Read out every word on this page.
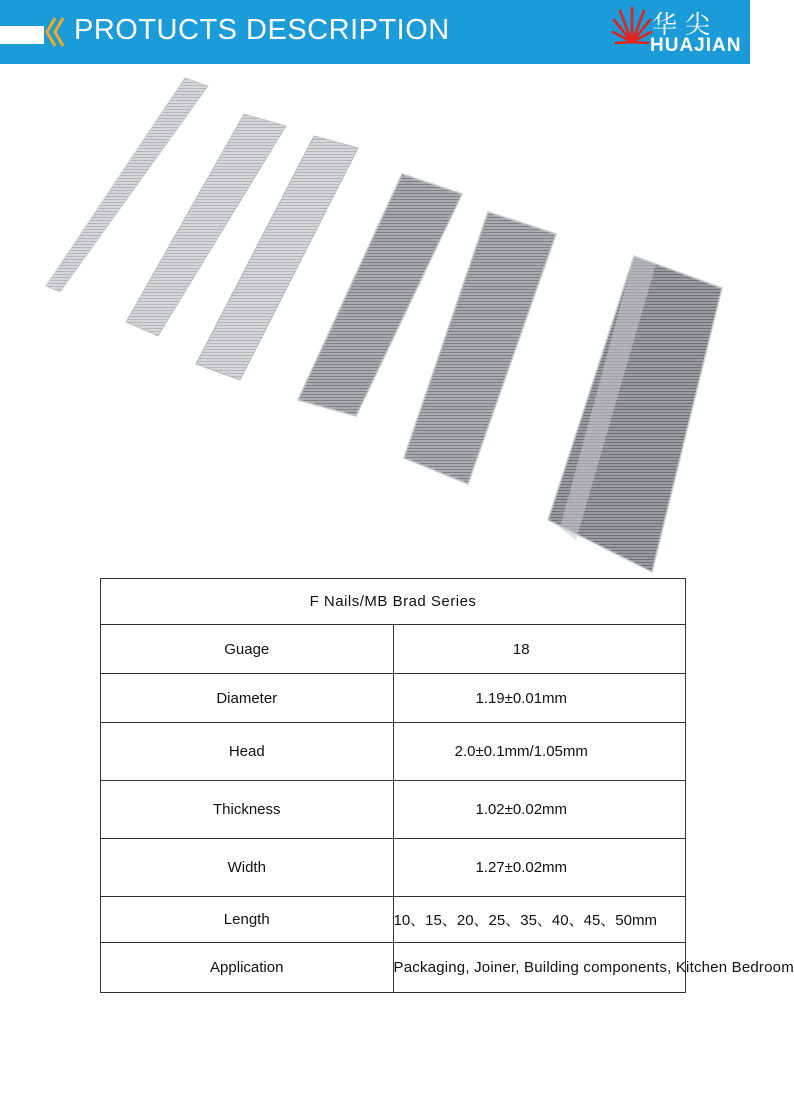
PROTUCTS DESCRIPTION	华尖
HUAJIAN
F Nails/MB Brad Series	
Guage	18
Diameter	1.19±0.01mm
Head	2.0±0.1mm/1.05mm
Thickness	1.02±0.02mm
Width	1.27±0.02mm
Length	10、15、20、25、35、40、45、50mm
Application	Packaging, Joiner, Building components, Kitchen Bedroom
